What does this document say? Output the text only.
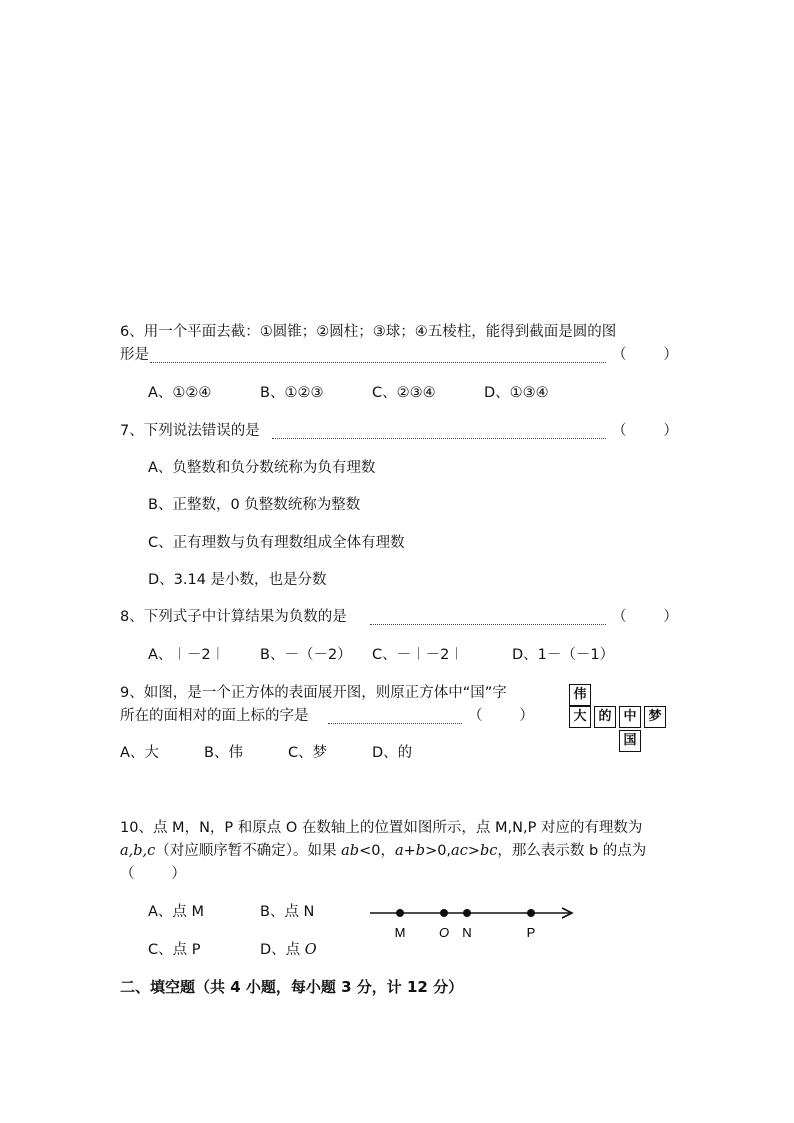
6、用一个平面去截：①圆锥；②圆柱；③球；④五棱柱，能得到截面是圆的图
形是	（        ）
A、①②④	B、①②③	C、②③④	D、①③④
7、下列说法错误的是	（        ）
A、负整数和负分数统称为负有理数
B、正整数，0 负整数统称为整数
C、正有理数与负有理数组成全体有理数
D、3.14 是小数，也是分数
8、下列式子中计算结果为负数的是	（        ）
A、︱－2︱ B、－（－2） C、－︱－2︱	D、1－（－1）
9、如图，是一个正方体的表面展开图，则原正方体中“国”字
所在的面相对的面上标的字是	（        ）
A、大	B、伟	C、梦	D、的
伟
大 的 中 梦
国
10、点 M，N，P 和原点 O 在数轴上的位置如图所示，点 M,N,P 对应的有理数为
a,b,c（对应顺序暂不确定）。如果 ab<0，a+b>0,ac>bc，那么表示数 b 的点为
（        ）
A、点 M	B、点 N
C、点 P	D、点 O
M	O N	P
二、填空题（共 4 小题，每小题 3 分，计 12 分）
